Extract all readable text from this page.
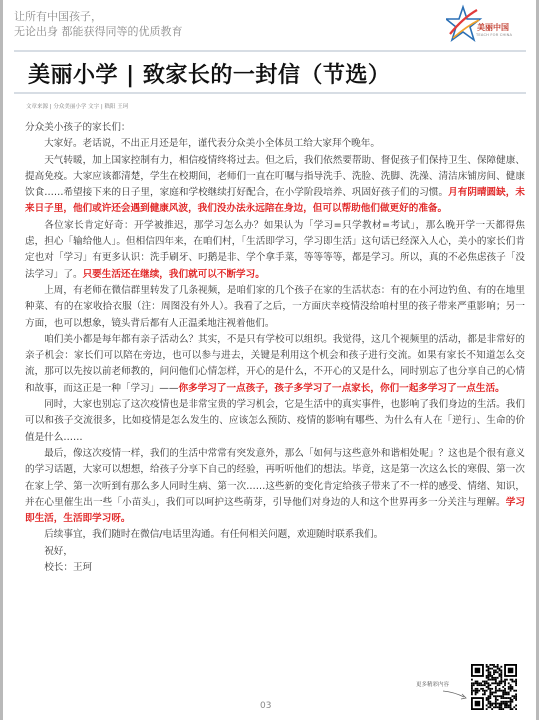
让所有中国孩子，
无论出身 都能获得同等的优质教育	美丽中国
TEACH FOR CHINA
美丽小学 | 致家长的一封信（节选）
文章来源 | 分众美丽小学 文字 | 嵇阳 王珂

分众美小孩子的家长们：

大家好。老话说，不出正月还是年，谨代表分众美小全体员工给大家拜个晚年。

天气转暖，加上国家控制有力，相信疫情终将过去。但之后，我们依然要帮助、督促孩子们保持卫生、保障健康、提高免疫。大家应该都清楚，学生在校期间，老师们一直在叮嘱与指导洗手、洗脸、洗脚、洗澡、清洁床铺房间、健康饮食……希望接下来的日子里，家庭和学校继续打好配合，在小学阶段培养、巩固好孩子们的习惯。月有阴晴圆缺，未来日子里，他们或许还会遇到健康风波，我们没办法永远陪在身边，但可以帮助他们做更好的准备。

各位家长肯定好奇：开学被推迟，那学习怎么办？如果认为「学习=只学教材=考试」，那么晚开学一天都得焦虑，担心「输给他人」。但相信四年来，在咱们村，「生活即学习，学习即生活」这句话已经深入人心，美小的家长们肯定也对「学习」有更多认识：洗手刷牙、叼鹅是非、学个拿手菜，等等等等，都是学习。所以，真的不必焦虑孩子「没法学习」了。只要生活还在继续，我们就可以不断学习。

上周，有老师在微信群里转发了几条视频，是咱们家的几个孩子在家的生活状态：有的在小河边钓鱼、有的在地里种菜、有的在家收拾衣服（注：周图没有外人）。我看了之后，一方面庆幸疫情没给咱村里的孩子带来严重影响；另一方面，也可以想象，镜头背后都有人正温柔地注视着他们。

咱们美小都是每年都有亲子活动么？其实，不是只有学校可以组织。我觉得，这几个视频里的活动，都是非常好的亲子机会：家长们可以陪在旁边，也可以参与进去，关键是利用这个机会和孩子进行交流。如果有家长不知道怎么交流，那可以先按以前老师教的，问问他们心情怎样，开心的是什么，不开心的又是什么，同时别忘了也分享自己的心情和故事，而这正是一种「学习」——你多学习了一点孩子，孩子多学习了一点家长，你们一起多学习了一点生活。

同时，大家也别忘了这次疫情也是非常宝贵的学习机会，它是生活中的真实事件，也影响了我们身边的生活。我们可以和孩子交流很多，比如疫情是怎么发生的、应该怎么预防、疫情的影响有哪些、为什么有人在「逆行」、生命的价值是什么……

最后，像这次疫情一样，我们的生活中常常有突发意外，那么「如何与这些意外和谐相处呢」？这也是个很有意义的学习话题，大家可以想想，给孩子分享下自己的经验，再听听他们的想法。毕竟，这是第一次这么长的寒假、第一次在家上学、第一次听到有那么多人同时生病、第一次……这些新的变化肯定给孩子带来了不一样的感受、情绪、知识，并在心里催生出一些「小苗头」，我们可以呵护这些萌芽，引导他们对身边的人和这个世界再多一分关注与理解。学习即生活，生活即学习呀。

后续事宜，我们随时在微信/电话里沟通。有任何相关问题，欢迎随时联系我们。

祝好，

校长：王珂

更多精彩内容
03
